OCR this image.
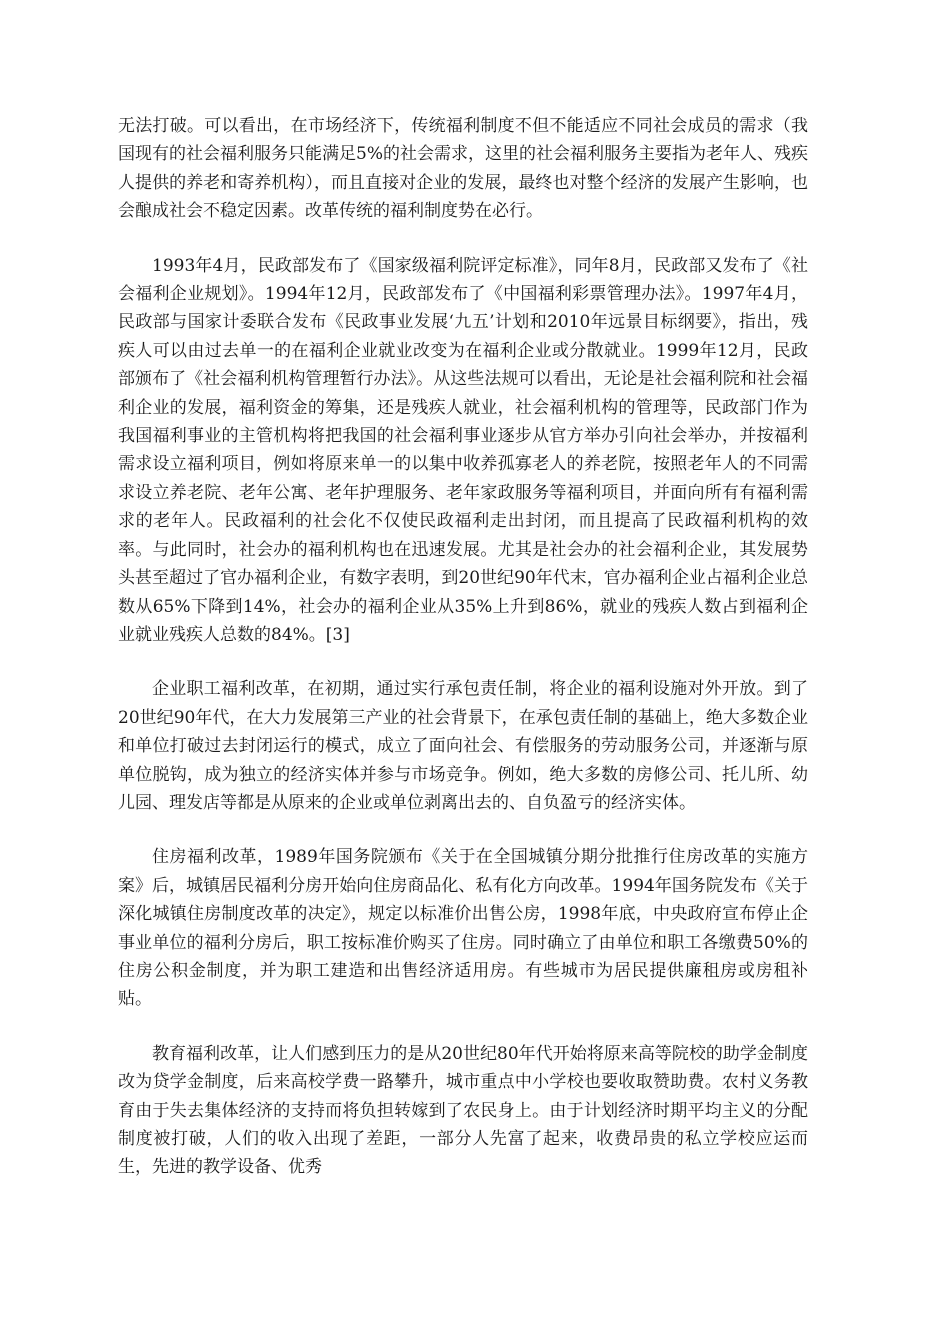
无法打破。可以看出，在市场经济下，传统福利制度不但不能适应不同社会成员的需求（我国现有的社会福利服务只能满足5%的社会需求，这里的社会福利服务主要指为老年人、残疾人提供的养老和寄养机构），而且直接对企业的发展，最终也对整个经济的发展产生影响，也会酿成社会不稳定因素。改革传统的福利制度势在必行。

1993年4月，民政部发布了《国家级福利院评定标准》，同年8月，民政部又发布了《社会福利企业规划》。1994年12月，民政部发布了《中国福利彩票管理办法》。1997年4月，民政部与国家计委联合发布《民政事业发展‘九五’计划和2010年远景目标纲要》，指出，残疾人可以由过去单一的在福利企业就业改变为在福利企业或分散就业。1999年12月，民政部颁布了《社会福利机构管理暂行办法》。从这些法规可以看出，无论是社会福利院和社会福利企业的发展，福利资金的筹集，还是残疾人就业，社会福利机构的管理等，民政部门作为我国福利事业的主管机构将把我国的社会福利事业逐步从官方举办引向社会举办，并按福利需求设立福利项目，例如将原来单一的以集中收养孤寡老人的养老院，按照老年人的不同需求设立养老院、老年公寓、老年护理服务、老年家政服务等福利项目，并面向所有有福利需求的老年人。民政福利的社会化不仅使民政福利走出封闭，而且提高了民政福利机构的效率。与此同时，社会办的福利机构也在迅速发展。尤其是社会办的社会福利企业，其发展势头甚至超过了官办福利企业，有数字表明，到20世纪90年代末，官办福利企业占福利企业总数从65%下降到14%，社会办的福利企业从35%上升到86%，就业的残疾人数占到福利企业就业残疾人总数的84%。[3]

企业职工福利改革，在初期，通过实行承包责任制，将企业的福利设施对外开放。到了20世纪90年代，在大力发展第三产业的社会背景下，在承包责任制的基础上，绝大多数企业和单位打破过去封闭运行的模式，成立了面向社会、有偿服务的劳动服务公司，并逐渐与原单位脱钩，成为独立的经济实体并参与市场竞争。例如，绝大多数的房修公司、托儿所、幼儿园、理发店等都是从原来的企业或单位剥离出去的、自负盈亏的经济实体。

住房福利改革，1989年国务院颁布《关于在全国城镇分期分批推行住房改革的实施方案》后，城镇居民福利分房开始向住房商品化、私有化方向改革。1994年国务院发布《关于深化城镇住房制度改革的决定》，规定以标准价出售公房，1998年底，中央政府宣布停止企事业单位的福利分房后，职工按标准价购买了住房。同时确立了由单位和职工各缴费50%的住房公积金制度，并为职工建造和出售经济适用房。有些城市为居民提供廉租房或房租补贴。

教育福利改革，让人们感到压力的是从20世纪80年代开始将原来高等院校的助学金制度改为贷学金制度，后来高校学费一路攀升，城市重点中小学校也要收取赞助费。农村义务教育由于失去集体经济的支持而将负担转嫁到了农民身上。由于计划经济时期平均主义的分配制度被打破，人们的收入出现了差距，一部分人先富了起来，收费昂贵的私立学校应运而生，先进的教学设备、优秀
